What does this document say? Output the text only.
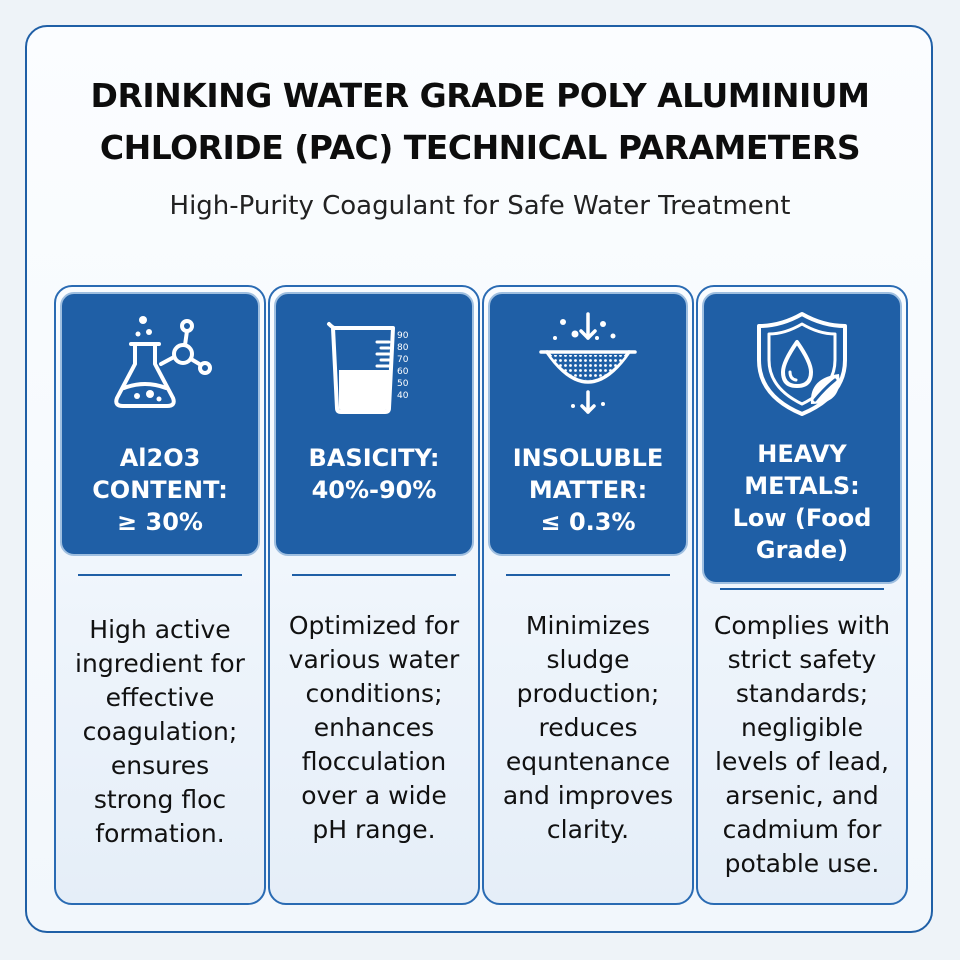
DRINKING WATER GRADE POLY ALUMINIUM
CHLORIDE (PAC) TECHNICAL PARAMETERS

High-Purity Coagulant for Safe Water Treatment

Al2O3
CONTENT:
≥ 30%
High active
ingredient for
effective
coagulation;
ensures
strong floc
formation.
90
80
70
60
50
40
BASICITY:
40%-90%
Optimized for
various water
conditions;
enhances
flocculation
over a wide
pH range.
INSOLUBLE
MATTER:
≤ 0.3%
Minimizes
sludge
production;
reduces
equntenance
and improves
clarity.
HEAVY
METALS:
Low (Food
Grade)
Complies with
strict safety
standards;
negligible
levels of lead,
arsenic, and
cadmium for
potable use.
